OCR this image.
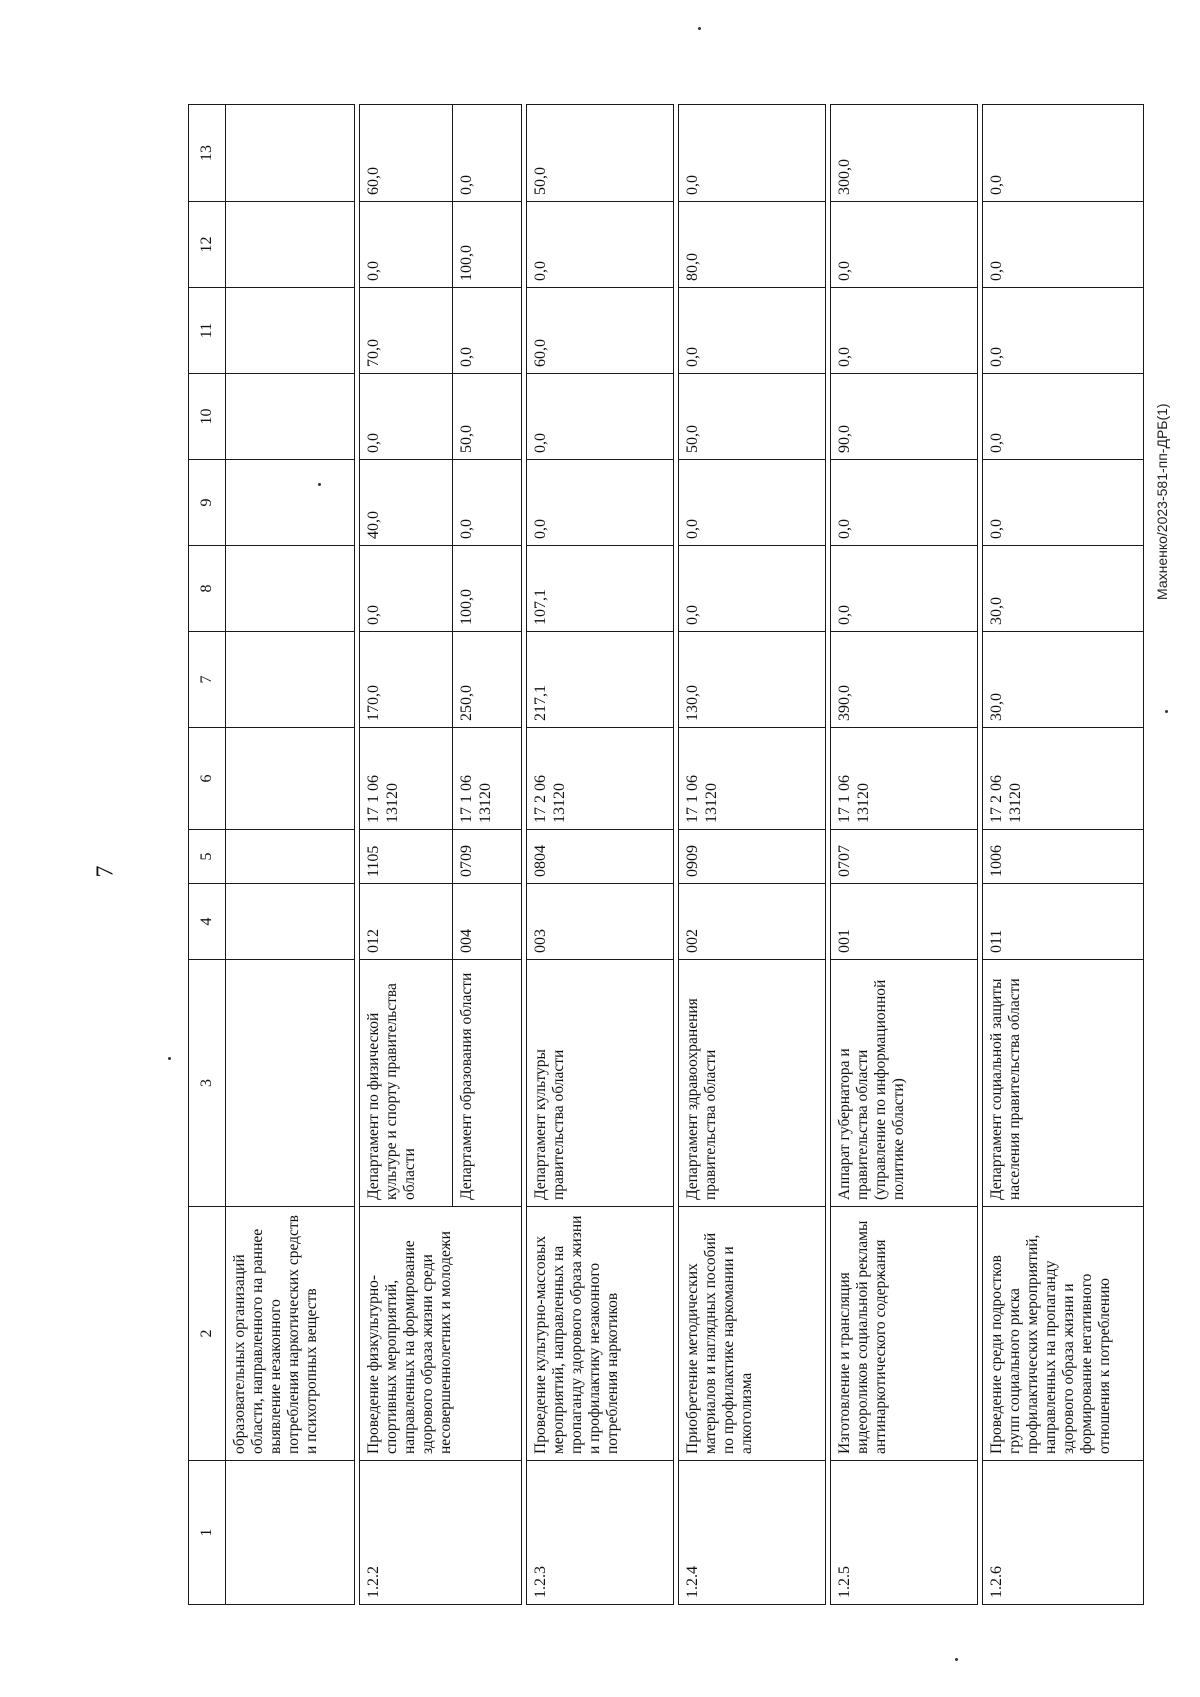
7
Махненко/2023-581-пп-ДРБ(1)
1	2	3	4	5	6	7	8	9	10	11	12	13
	образовательных организаций области, направленного на раннее выявление незаконного потребления наркотических средств и психотропных веществ											

1.2.2	Проведение физкультурно-спортивных мероприятий, направленных на формирование здорового образа жизни среди несовершеннолетних и молодежи	Департамент по физической культуре и спорту правительства области	012	1105	17 1 06 13120	170,0	0,0	40,0	0,0	70,0	0,0	60,0
		Департамент образования области	004	0709	17 1 06 13120	250,0	100,0	0,0	50,0	0,0	100,0	0,0

1.2.3	Проведение культурно-массовых мероприятий, направленных на пропаганду здорового образа жизни и профилактику незаконного потребления наркотиков	Департамент культуры правительства области	003	0804	17 2 06 13120	217,1	107,1	0,0	0,0	60,0	0,0	50,0

1.2.4	Приобретение методических материалов и наглядных пособий по профилактике наркомании и алкоголизма	Департамент здравоохранения правительства области	002	0909	17 1 06 13120	130,0	0,0	0,0	50,0	0,0	80,0	0,0

1.2.5	Изготовление и трансляция видеороликов социальной рекламы антинаркотического содержания	Аппарат губернатора и правительства области (управление по информационной политике области)	001	0707	17 1 06 13120	390,0	0,0	0,0	90,0	0,0	0,0	300,0

1.2.6	Проведение среди подростков групп социального риска профилактических мероприятий, направленных на пропаганду здорового образа жизни и формирование негативного отношения к потреблению	Департамент социальной защиты населения правительства области	011	1006	17 2 06 13120	30,0	30,0	0,0	0,0	0,0	0,0	0,0
